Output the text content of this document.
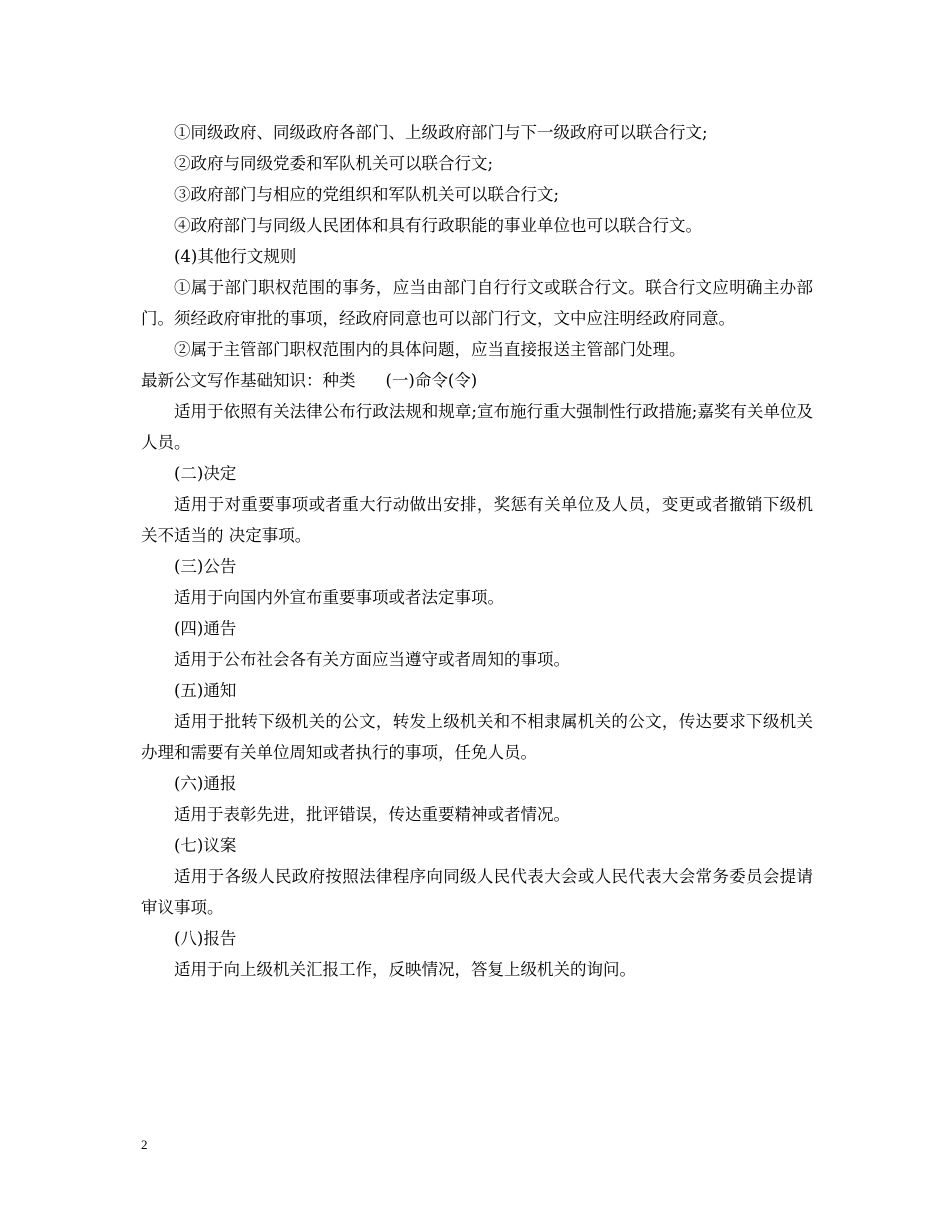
①同级政府、同级政府各部门、上级政府部门与下一级政府可以联合行文;

②政府与同级党委和军队机关可以联合行文;

③政府部门与相应的党组织和军队机关可以联合行文;

④政府部门与同级人民团体和具有行政职能的事业单位也可以联合行文。

(4)其他行文规则

①属于部门职权范围的事务，应当由部门自行行文或联合行文。联合行文应明确主办部门。须经政府审批的事项，经政府同意也可以部门行文，文中应注明经政府同意。

②属于主管部门职权范围内的具体问题，应当直接报送主管部门处理。

最新公文写作基础知识：种类 (一)命令(令)

适用于依照有关法律公布行政法规和规章;宣布施行重大强制性行政措施;嘉奖有关单位及人员。

(二)决定

适用于对重要事项或者重大行动做出安排，奖惩有关单位及人员，变更或者撤销下级机关不适当的 决定事项。

(三)公告

适用于向国内外宣布重要事项或者法定事项。

(四)通告

适用于公布社会各有关方面应当遵守或者周知的事项。

(五)通知

适用于批转下级机关的公文，转发上级机关和不相隶属机关的公文，传达要求下级机关办理和需要有关单位周知或者执行的事项，任免人员。

(六)通报

适用于表彰先进，批评错误，传达重要精神或者情况。

(七)议案

适用于各级人民政府按照法律程序向同级人民代表大会或人民代表大会常务委员会提请审议事项。

(八)报告

适用于向上级机关汇报工作，反映情况，答复上级机关的询问。

2
